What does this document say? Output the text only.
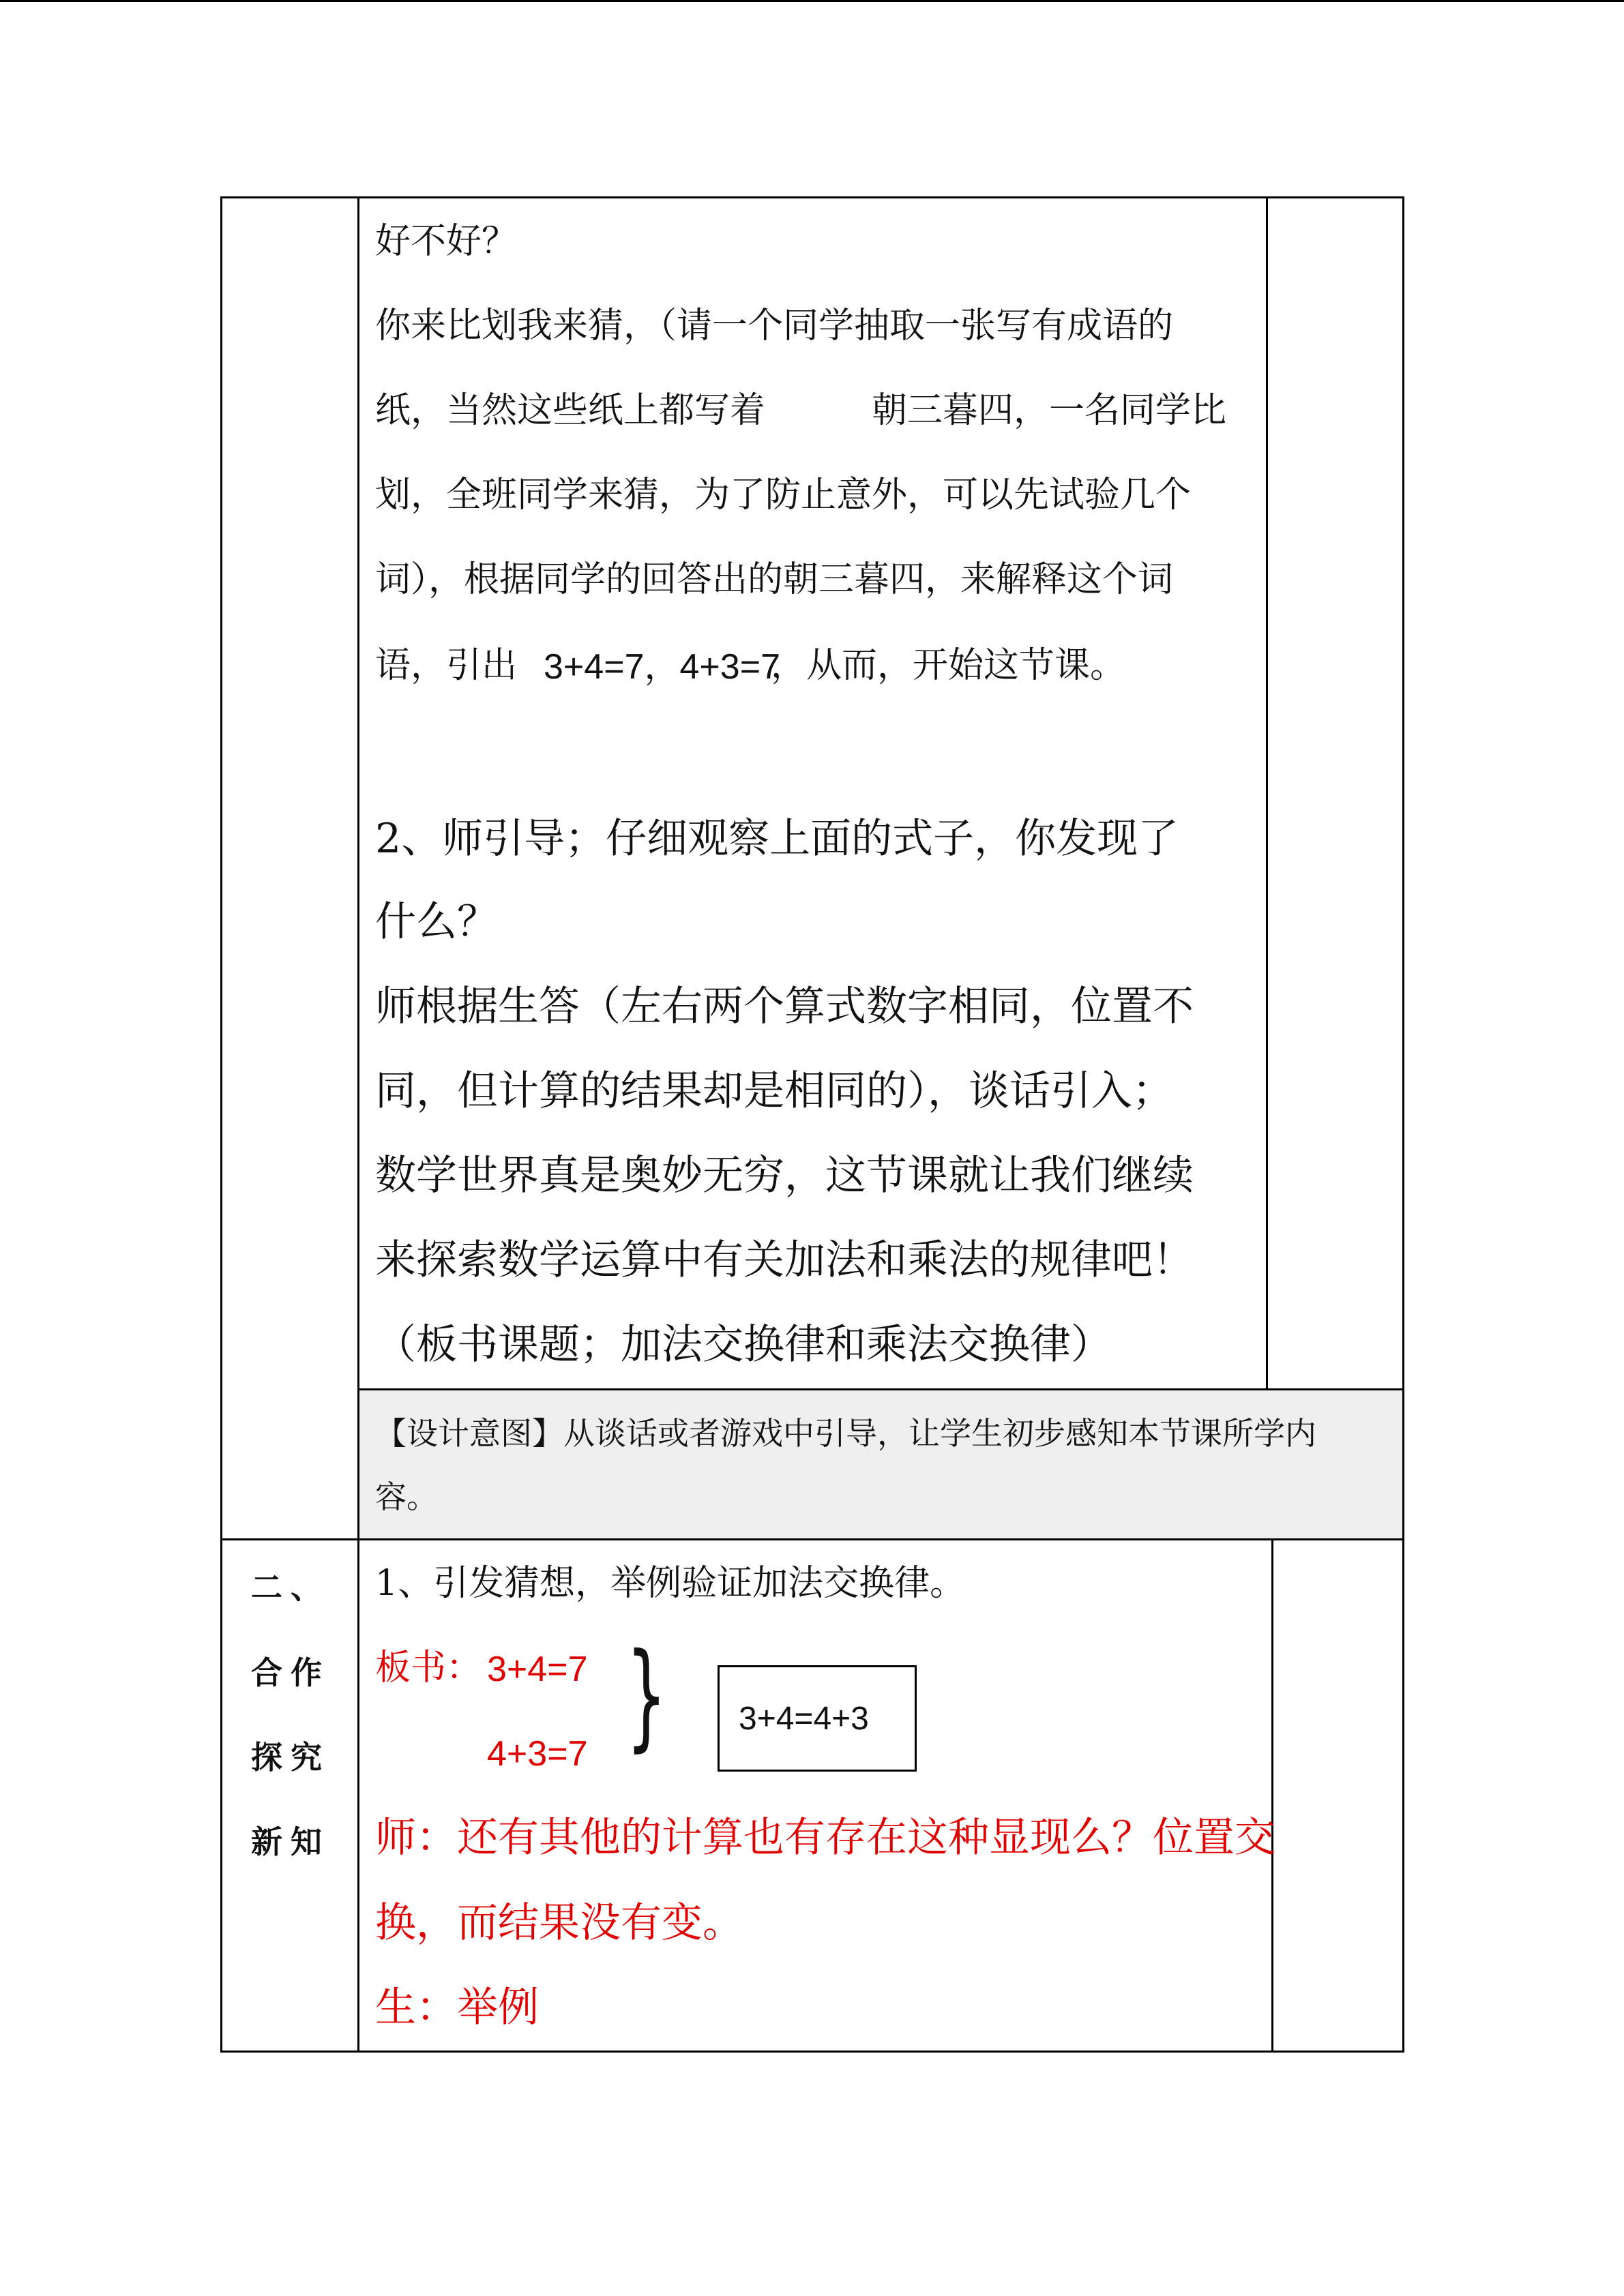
好不好？
你来比划我来猜，（请一个同学抽取一张写有成语的
纸，当然这些纸上都写着	朝三暮四，一名同学比
划，全班同学来猜，为了防止意外，可以先试验几个
词），根据同学的回答出的朝三暮四，来解释这个词
语，引出 3+4=7，4+3=7
，从而，开始这节课。
2、师引导；仔细观察上面的式子，你发现了
什么？
师根据生答（左右两个算式数字相同，位置不
同，但计算的结果却是相同的），谈话引入；
数学世界真是奥妙无穷，这节课就让我们继续
来探索数学运算中有关加法和乘法的规律吧！
（板书课题；加法交换律和乘法交换律）
【设计意图】从谈话或者游戏中引导，让学生初步感知本节课所学内
容。
二、
合作
探究
新知
1、引发猜想，举例验证加法交换律。
板书： 3+4=7
4+3=7 } 3+4=4+3
师：还有其他的计算也有存在这种显现么？位置交
换，而结果没有变。
生：举例
